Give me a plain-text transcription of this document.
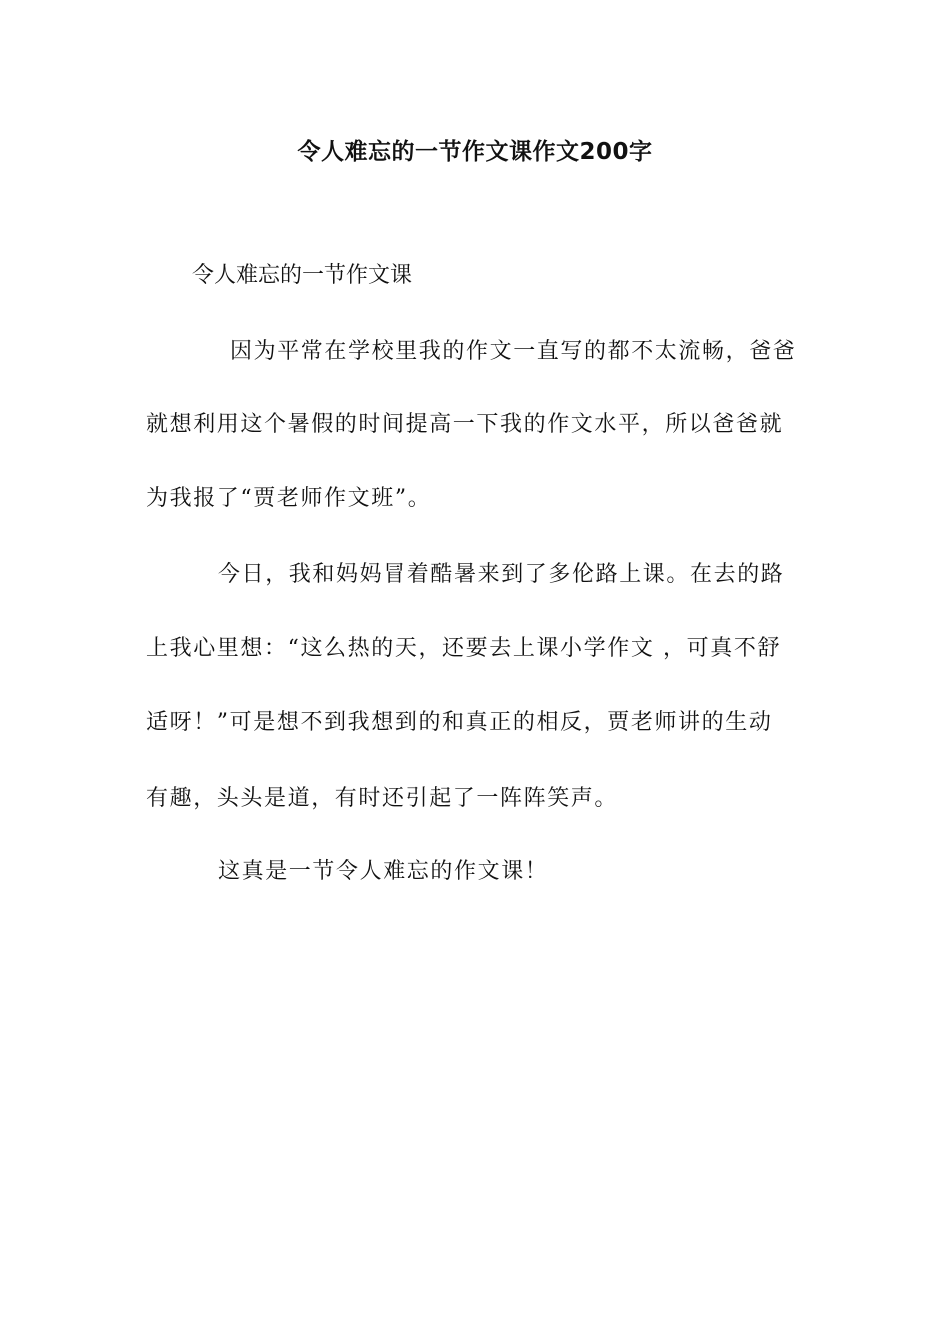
令人难忘的一节作文课作文200字

令人难忘的一节作文课

因为平常在学校里我的作文一直写的都不太流畅，爸爸

就想利用这个暑假的时间提高一下我的作文水平，所以爸爸就

为我报了“贾老师作文班”。

今日，我和妈妈冒着酷暑来到了多伦路上课。在去的路

上我心里想：“这么热的天，还要去上课小学作文 ，可真不舒

适呀！”可是想不到我想到的和真正的相反，贾老师讲的生动

有趣，头头是道，有时还引起了一阵阵笑声。

这真是一节令人难忘的作文课！
